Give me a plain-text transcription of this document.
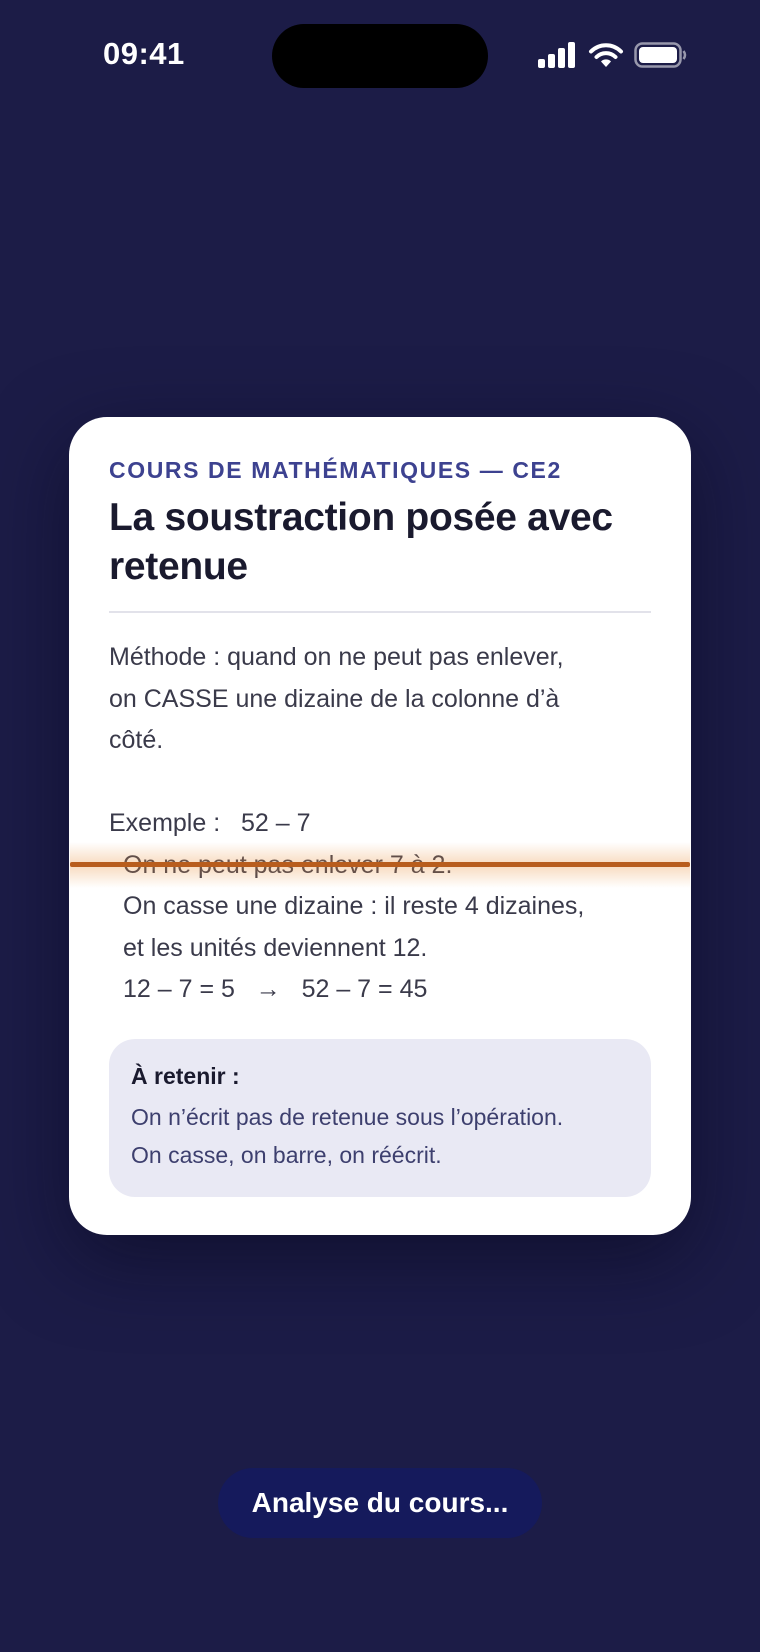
09:41
COURS DE MATHÉMATIQUES — CE2
La soustraction posée avec retenue
Méthode : quand on ne peut pas enlever,
on CASSE une dizaine de la colonne d’à
côté.
Exemple :   52 – 7
On casse une dizaine : il reste 4 dizaines,
et les unités deviennent 12.
12 – 7 = 5   →   52 – 7 = 45
À retenir :
On n’écrit pas de retenue sous l’opération.
On casse, on barre, on réécrit.
Analyse du cours...
